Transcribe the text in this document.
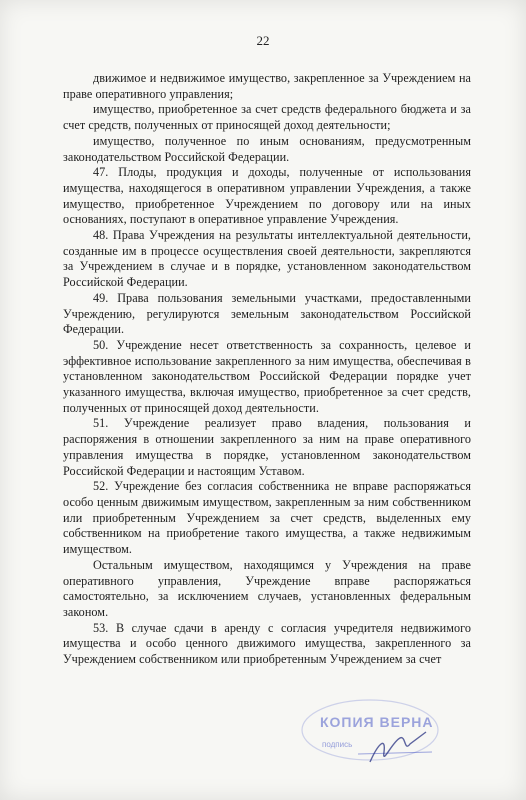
22

движимое и недвижимое имущество, закрепленное за Учреждением на праве оперативного управления;

имущество, приобретенное за счет средств федерального бюджета и за счет средств, полученных от приносящей доход деятельности;

имущество, полученное по иным основаниям, предусмотренным законодательством Российской Федерации.

47. Плоды, продукция и доходы, полученные от использования имущества, находящегося в оперативном управлении Учреждения, а также имущество, приобретенное Учреждением по договору или на иных основаниях, поступают в оперативное управление Учреждения.

48. Права Учреждения на результаты интеллектуальной деятельности, созданные им в процессе осуществления своей деятельности, закрепляются за Учреждением в случае и в порядке, установленном законодательством Российской Федерации.

49. Права пользования земельными участками, предоставленными Учреждению, регулируются земельным законодательством Российской Федерации.

50. Учреждение несет ответственность за сохранность, целевое и эффективное использование закрепленного за ним имущества, обеспечивая в установленном законодательством Российской Федерации порядке учет указанного имущества, включая имущество, приобретенное за счет средств, полученных от приносящей доход деятельности.

51. Учреждение реализует право владения, пользования и распоряжения в отношении закрепленного за ним на праве оперативного управления имущества в порядке, установленном законодательством Российской Федерации и настоящим Уставом.

52. Учреждение без согласия собственника не вправе распоряжаться особо ценным движимым имуществом, закрепленным за ним собственником или приобретенным Учреждением за счет средств, выделенных ему собственником на приобретение такого имущества, а также недвижимым имуществом.

Остальным имуществом, находящимся у Учреждения на праве оперативного управления, Учреждение вправе распоряжаться самостоятельно, за исключением случаев, установленных федеральным законом.

53. В случае сдачи в аренду с согласия учредителя недвижимого имущества и особо ценного движимого имущества, закрепленного за Учреждением собственником или приобретенным Учреждением за счет

КОПИЯ ВЕРНА
подпись
